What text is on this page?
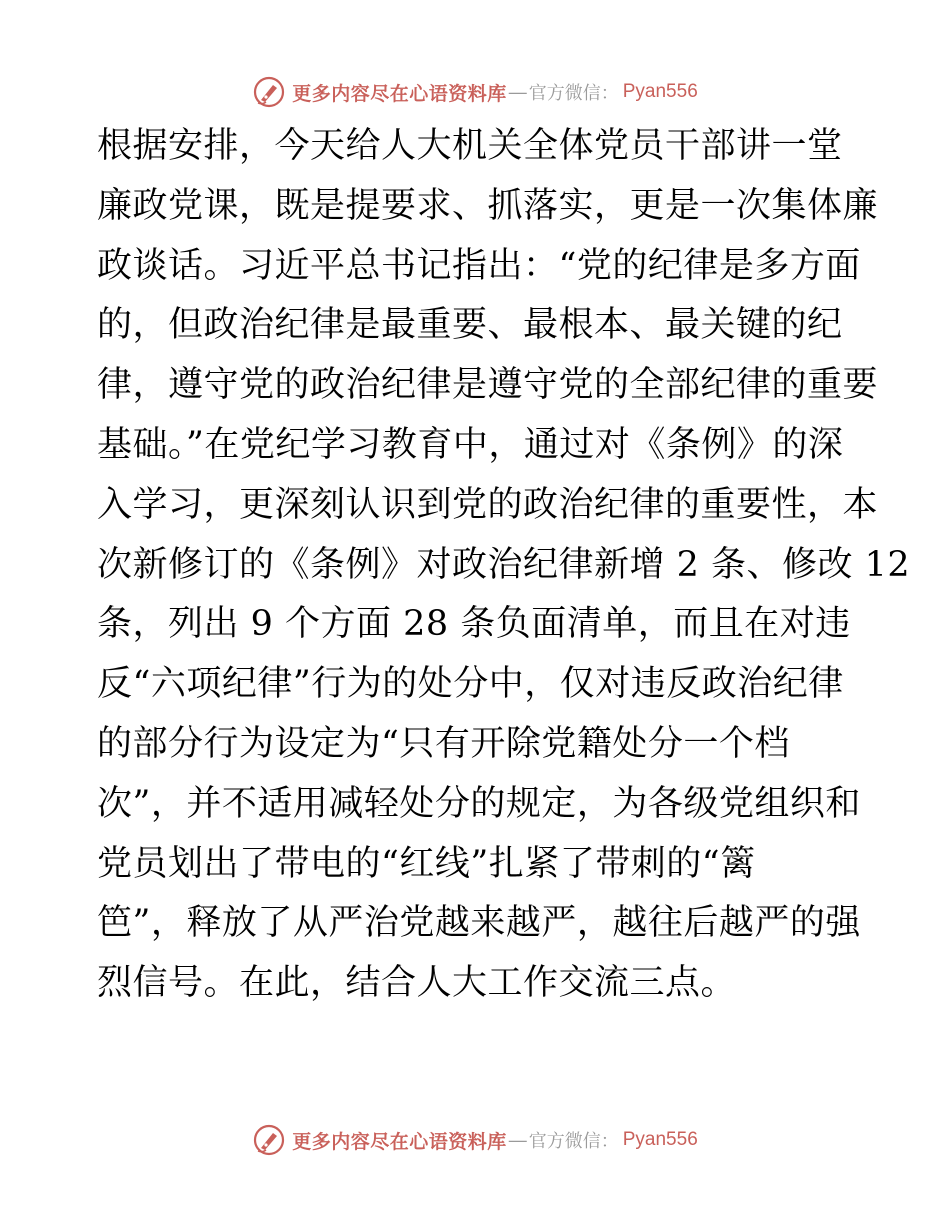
更多内容尽在心语资料库 — 官方微信： Pyan556
根据安排，今天给人大机关全体党员干部讲一堂
廉政党课，既是提要求、抓落实，更是一次集体廉
政谈话。习近平总书记指出：“党的纪律是多方面
的，但政治纪律是最重要、最根本、最关键的纪
律，遵守党的政治纪律是遵守党的全部纪律的重要
基础。”在党纪学习教育中，通过对《条例》的深
入学习，更深刻认识到党的政治纪律的重要性，本
次新修订的《条例》对政治纪律新增 2 条、修改 12
条，列出 9 个方面 28 条负面清单，而且在对违
反“六项纪律”行为的处分中，仅对违反政治纪律
的部分行为设定为“只有开除党籍处分一个档
次”，并不适用减轻处分的规定，为各级党组织和
党员划出了带电的“红线”扎紧了带刺的“篱
笆”，释放了从严治党越来越严，越往后越严的强
烈信号。在此，结合人大工作交流三点。
更多内容尽在心语资料库 — 官方微信： Pyan556
